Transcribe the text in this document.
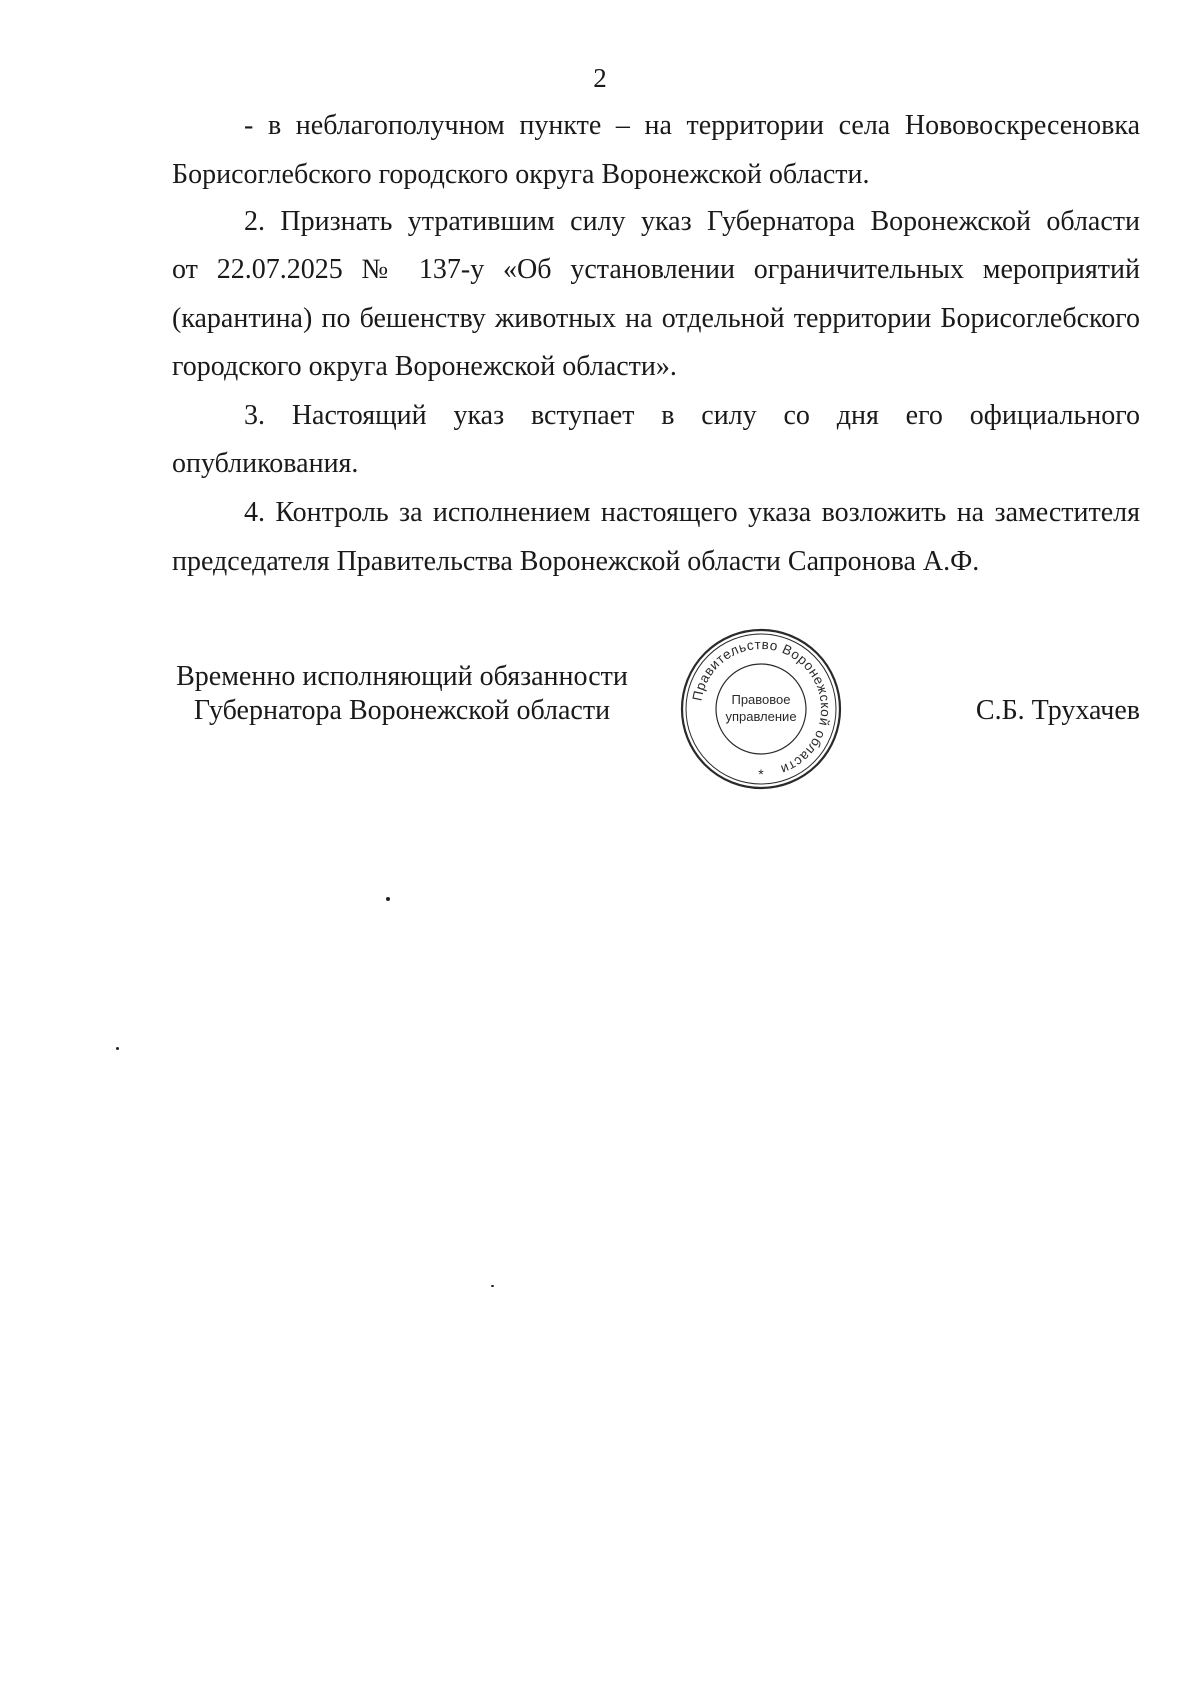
2
- в неблагополучном пункте – на территории села Нововоскресеновка
Борисоглебского городского округа Воронежской области.
2. Признать утратившим силу указ Губернатора Воронежской области
от 22.07.2025 № 137-у «Об установлении ограничительных мероприятий
(карантина) по бешенству животных на отдельной территории Борисоглебского
городского округа Воронежской области».
3. Настоящий указ вступает в силу со дня его официального
опубликования.
4. Контроль за исполнением настоящего указа возложить на заместителя
председателя Правительства Воронежской области Сапронова А.Ф.
Временно исполняющий обязанности
Губернатора Воронежской области	С.Б. Трухачев
Правительство Воронежской области
Правовое
управление
*
